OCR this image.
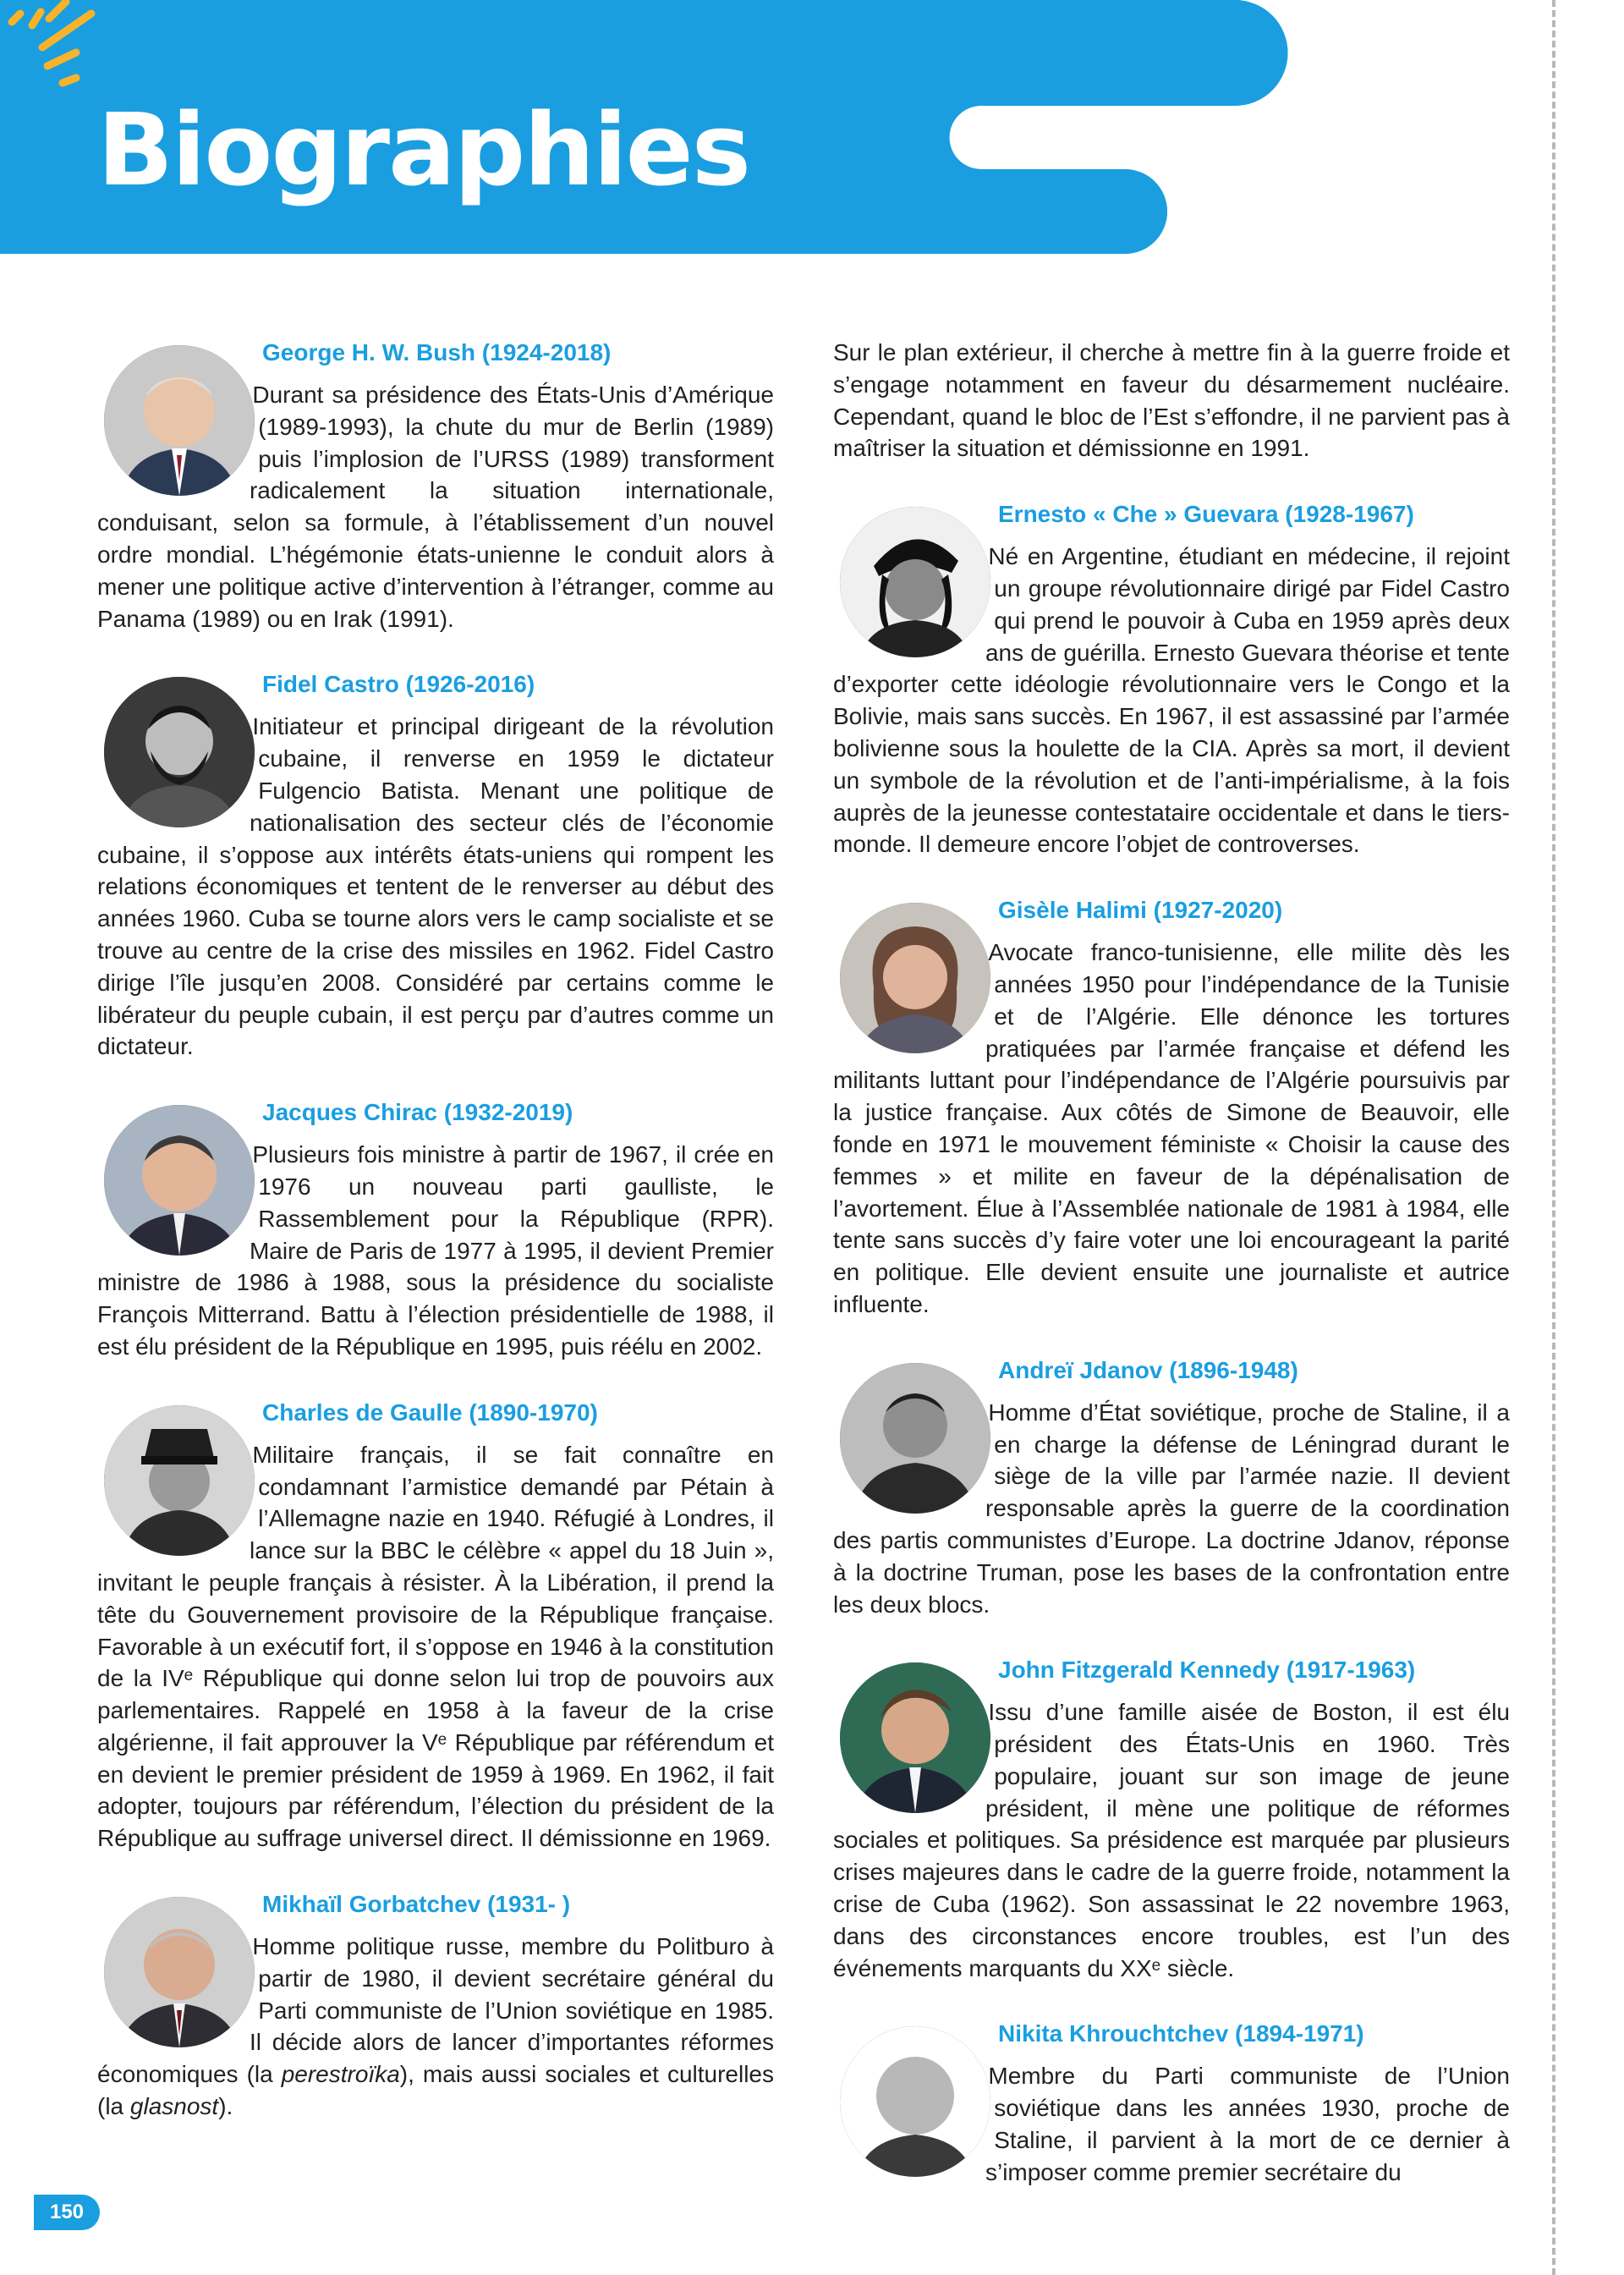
Biographies
George H. W. Bush (1924-2018)

Durant sa présidence des États-Unis d’Amérique (1989-1993), la chute du mur de Berlin (1989) puis l’implosion de l’URSS (1989) transforment radicalement la situation internationale, conduisant, selon sa formule, à l’établissement d’un nouvel ordre mondial. L’hégémonie états-unienne le conduit alors à mener une politique active d’intervention à l’étranger, comme au Panama (1989) ou en Irak (1991).

Fidel Castro (1926-2016)

Initiateur et principal dirigeant de la révolution cubaine, il renverse en 1959 le dictateur Fulgencio Batista. Menant une politique de nationalisation des secteur clés de l’économie cubaine, il s’oppose aux intérêts états-uniens qui rompent les relations économiques et tentent de le renverser au début des années 1960. Cuba se tourne alors vers le camp socialiste et se trouve au centre de la crise des missiles en 1962. Fidel Castro dirige l’île jusqu’en 2008. Considéré par certains comme le libérateur du peuple cubain, il est perçu par d’autres comme un dictateur.

Jacques Chirac (1932-2019)

Plusieurs fois ministre à partir de 1967, il crée en 1976 un nouveau parti gaulliste, le Rassemblement pour la République (RPR). Maire de Paris de 1977 à 1995, il devient Premier ministre de 1986 à 1988, sous la présidence du socialiste François Mitterrand. Battu à l’élection présidentielle de 1988, il est élu président de la République en 1995, puis réélu en 2002.

Charles de Gaulle (1890-1970)

Militaire français, il se fait connaître en condamnant l’armistice demandé par Pétain à l’Allemagne nazie en 1940. Réfugié à Londres, il lance sur la BBC le célèbre « appel du 18 Juin », invitant le peuple français à résister. À la Libération, il prend la tête du Gouvernement provisoire de la République française. Favorable à un exécutif fort, il s’oppose en 1946 à la constitution de la IVᵉ République qui donne selon lui trop de pouvoirs aux parlementaires. Rappelé en 1958 à la faveur de la crise algérienne, il fait approuver la Vᵉ République par référendum et en devient le premier président de 1959 à 1969. En 1962, il fait adopter, toujours par référendum, l’élection du président de la République au suffrage universel direct. Il démissionne en 1969.

Mikhaïl Gorbatchev (1931- )

Homme politique russe, membre du Politburo à partir de 1980, il devient secrétaire général du Parti communiste de l’Union soviétique en 1985. Il décide alors de lancer d’importantes réformes économiques (la perestroïka), mais aussi sociales et culturelles (la glasnost).

Sur le plan extérieur, il cherche à mettre fin à la guerre froide et s’engage notamment en faveur du désarmement nucléaire. Cependant, quand le bloc de l’Est s’effondre, il ne parvient pas à maîtriser la situation et démissionne en 1991.

Ernesto « Che » Guevara (1928-1967)

Né en Argentine, étudiant en médecine, il rejoint un groupe révolutionnaire dirigé par Fidel Castro qui prend le pouvoir à Cuba en 1959 après deux ans de guérilla. Ernesto Guevara théorise et tente d’exporter cette idéologie révolutionnaire vers le Congo et la Bolivie, mais sans succès. En 1967, il est assassiné par l’armée bolivienne sous la houlette de la CIA. Après sa mort, il devient un symbole de la révolution et de l’anti-impérialisme, à la fois auprès de la jeunesse contestataire occidentale et dans le tiers-monde. Il demeure encore l’objet de controverses.

Gisèle Halimi (1927-2020)

Avocate franco-tunisienne, elle milite dès les années 1950 pour l’indépendance de la Tunisie et de l’Algérie. Elle dénonce les tortures pratiquées par l’armée française et défend les militants luttant pour l’indépendance de l’Algérie poursuivis par la justice française. Aux côtés de Simone de Beauvoir, elle fonde en 1971 le mouvement féministe « Choisir la cause des femmes » et milite en faveur de la dépénalisation de l’avortement. Élue à l’Assemblée nationale de 1981 à 1984, elle tente sans succès d’y faire voter une loi encourageant la parité en politique. Elle devient ensuite une journaliste et autrice influente.

Andreï Jdanov (1896-1948)

Homme d’État soviétique, proche de Staline, il a en charge la défense de Léningrad durant le siège de la ville par l’armée nazie. Il devient responsable après la guerre de la coordination des partis communistes d’Europe. La doctrine Jdanov, réponse à la doctrine Truman, pose les bases de la confrontation entre les deux blocs.

John Fitzgerald Kennedy (1917-1963)

Issu d’une famille aisée de Boston, il est élu président des États-Unis en 1960. Très populaire, jouant sur son image de jeune président, il mène une politique de réformes sociales et politiques. Sa présidence est marquée par plusieurs crises majeures dans le cadre de la guerre froide, notamment la crise de Cuba (1962). Son assassinat le 22 novembre 1963, dans des circonstances encore troubles, est l’un des événements marquants du XXᵉ siècle.

Nikita Khrouchtchev (1894-1971)

Membre du Parti communiste de l’Union soviétique dans les années 1930, proche de Staline, il parvient à la mort de ce dernier à s’imposer comme premier secrétaire du

150
